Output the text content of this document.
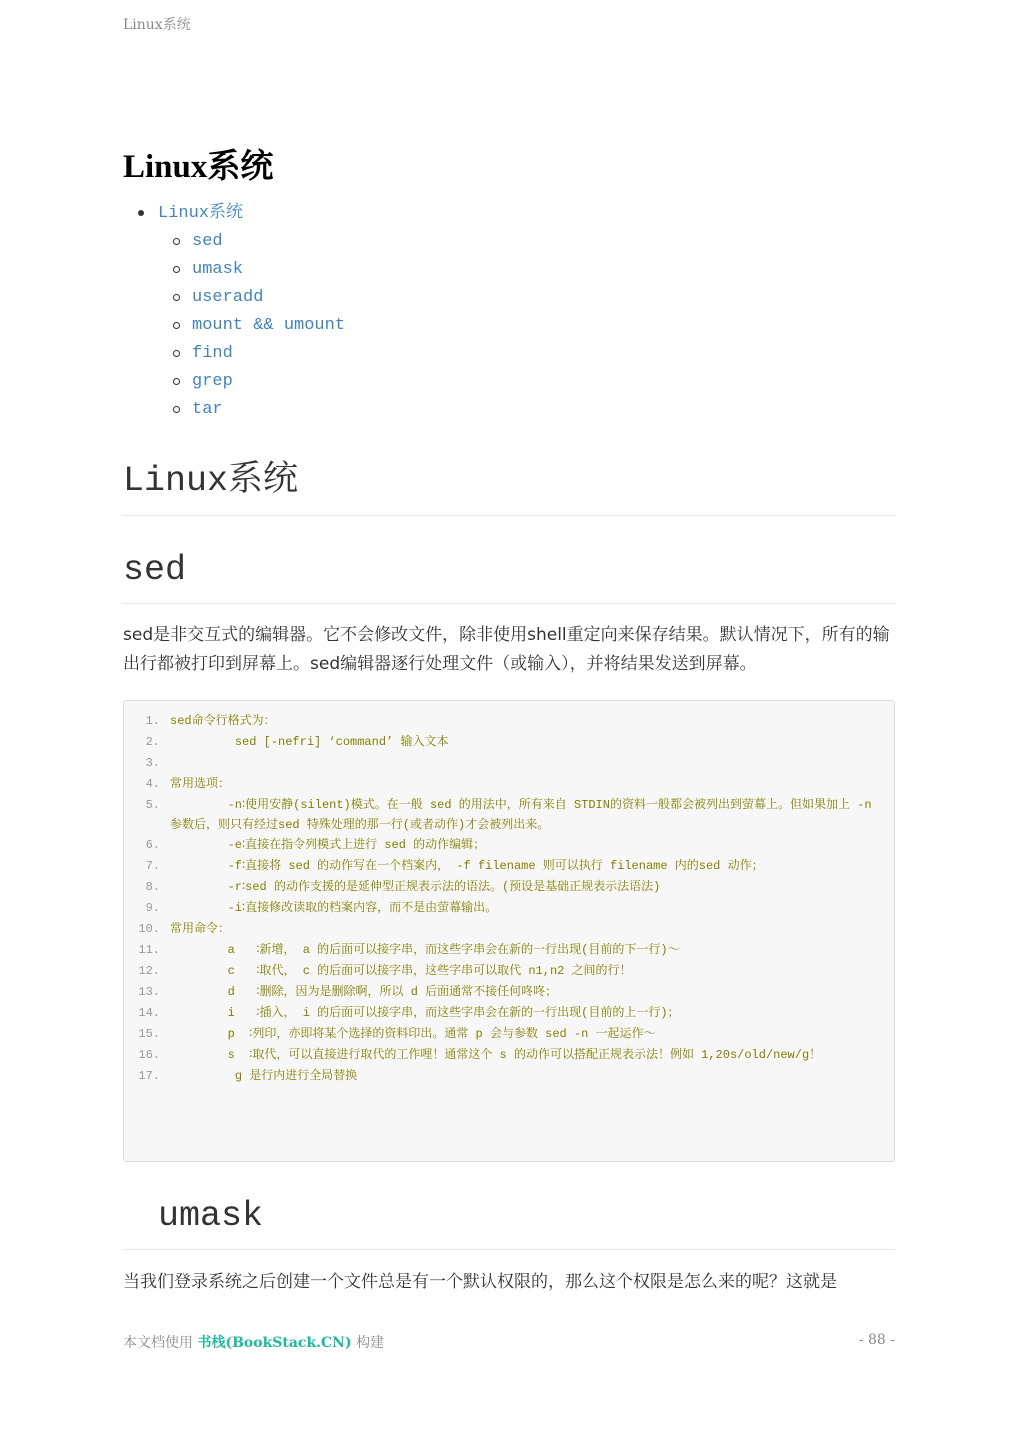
Linux系统
Linux系统
Linux系统
sed
umask
useradd
mount && umount
find
grep
tar
Linux系统
sed

sed是非交互式的编辑器。它不会修改文件，除非使用shell重定向来保存结果。默认情况下，所有的输出行都被打印到屏幕上。sed编辑器逐行处理文件（或输入），并将结果发送到屏幕。

1. sed命令行格式为：
2. sed [-nefri] ‘command’ 输入文本
3.
4. 常用选项：
5. -n∶使用安静(silent)模式。在一般 sed 的用法中，所有来自 STDIN的资料一般都会被列出到萤幕上。但如果加上 -n 参数后，则只有经过sed 特殊处理的那一行(或者动作)才会被列出来。
6. -e∶直接在指令列模式上进行 sed 的动作编辑；
7. -f∶直接将 sed 的动作写在一个档案内， -f filename 则可以执行 filename 内的sed 动作；
8. -r∶sed 的动作支援的是延伸型正规表示法的语法。(预设是基础正规表示法语法)
9. -i∶直接修改读取的档案内容，而不是由萤幕输出。
10. 常用命令：
11. a   ∶新增， a 的后面可以接字串，而这些字串会在新的一行出现(目前的下一行)～
12. c   ∶取代， c 的后面可以接字串，这些字串可以取代 n1,n2 之间的行！
13. d   ∶删除，因为是删除啊，所以 d 后面通常不接任何咚咚；
14. i   ∶插入， i 的后面可以接字串，而这些字串会在新的一行出现(目前的上一行)；
15. p  ∶列印，亦即将某个选择的资料印出。通常 p 会与参数 sed -n 一起运作～
16. s  ∶取代，可以直接进行取代的工作哩！通常这个 s 的动作可以搭配正规表示法！例如 1,20s/old/new/g！
17. g 是行内进行全局替换
umask

当我们登录系统之后创建一个文件总是有一个默认权限的，那么这个权限是怎么来的呢？这就是

本文档使用 书栈(BookStack.CN) 构建	- 88 -
